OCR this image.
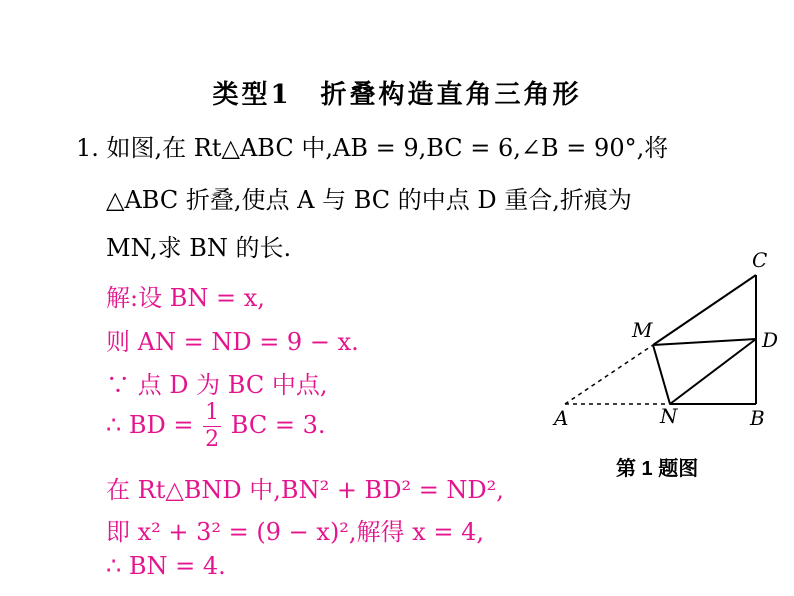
类型1　折叠构造直角三角形
1. 如图,在 Rt△ABC 中,AB = 9,BC = 6,∠B = 90°,将
△ABC 折叠,使点 A 与 BC 的中点 D 重合,折痕为
MN,求 BN 的长.
解:设 BN = x,
则 AN = ND = 9 − x.
∵ 点 D 为 BC 中点,
∴ BD = $\frac{1}{2}$ BC = 3.
在 Rt△BND 中,BN² + BD² = ND²,
即 x² + 3² = (9 − x)²,解得 x = 4,
∴ BN = 4.
A	B
C
D
M
N
第 1 题图
